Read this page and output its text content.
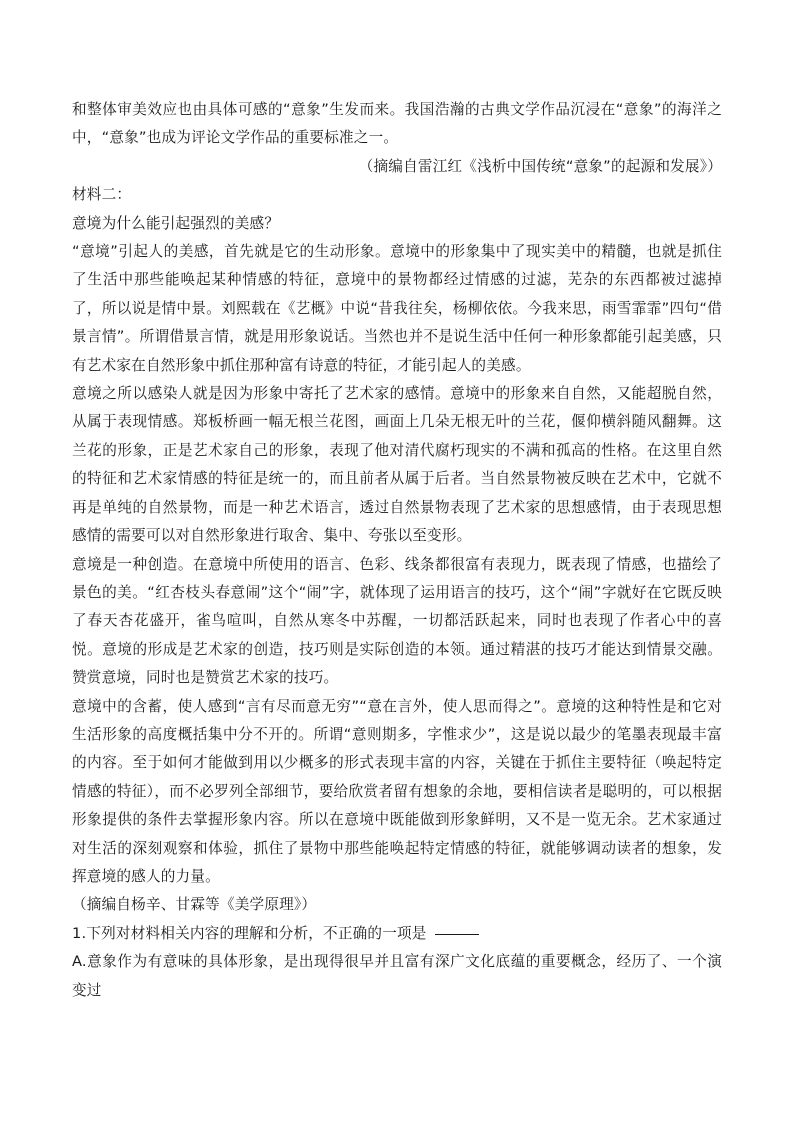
和整体审美效应也由具体可感的“意象”生发而来。我国浩瀚的古典文学作品沉浸在“意象”的海洋之中，“意象”也成为评论文学作品的重要标准之一。

（摘编自雷江红《浅析中国传统“意象”的起源和发展》）

材料二：

意境为什么能引起强烈的美感？

“意境”引起人的美感，首先就是它的生动形象。意境中的形象集中了现实美中的精髓，也就是抓住了生活中那些能唤起某种情感的特征，意境中的景物都经过情感的过滤，芜杂的东西都被过滤掉了，所以说是情中景。刘熙载在《艺概》中说“昔我往矣，杨柳依依。今我来思，雨雪霏霏”四句“借景言情”。所谓借景言情，就是用形象说话。当然也并不是说生活中任何一种形象都能引起美感，只有艺术家在自然形象中抓住那种富有诗意的特征，才能引起人的美感。

意境之所以感染人就是因为形象中寄托了艺术家的感情。意境中的形象来自自然，又能超脱自然，从属于表现情感。郑板桥画一幅无根兰花图，画面上几朵无根无叶的兰花，偃仰横斜随风翻舞。这兰花的形象，正是艺术家自己的形象，表现了他对清代腐朽现实的不满和孤高的性格。在这里自然的特征和艺术家情感的特征是统一的，而且前者从属于后者。当自然景物被反映在艺术中，它就不再是单纯的自然景物，而是一种艺术语言，透过自然景物表现了艺术家的思想感情，由于表现思想感情的需要可以对自然形象进行取舍、集中、夸张以至变形。

意境是一种创造。在意境中所使用的语言、色彩、线条都很富有表现力，既表现了情感，也描绘了景色的美。“红杏枝头春意闹”这个“闹”字，就体现了运用语言的技巧，这个“闹”字就好在它既反映了春天杏花盛开，雀鸟喧叫，自然从寒冬中苏醒，一切都活跃起来，同时也表现了作者心中的喜悦。意境的形成是艺术家的创造，技巧则是实际创造的本领。通过精湛的技巧才能达到情景交融。赞赏意境，同时也是赞赏艺术家的技巧。

意境中的含蓄，使人感到“言有尽而意无穷”“意在言外，使人思而得之”。意境的这种特性是和它对生活形象的高度概括集中分不开的。所谓“意则期多，字惟求少”，这是说以最少的笔墨表现最丰富的内容。至于如何才能做到用以少概多的形式表现丰富的内容，关键在于抓住主要特征（唤起特定情感的特征），而不必罗列全部细节，要给欣赏者留有想象的余地，要相信读者是聪明的，可以根据形象提供的条件去掌握形象内容。所以在意境中既能做到形象鲜明，又不是一览无余。艺术家通过对生活的深刻观察和体验，抓住了景物中那些能唤起特定情感的特征，就能够调动读者的想象，发挥意境的感人的力量。

（摘编自杨辛、甘霖等《美学原理》）

1.下列对材料相关内容的理解和分析，不正确的一项是

A.意象作为有意味的具体形象，是出现得很早并且富有深广文化底蕴的重要概念，经历了、一个演变过
